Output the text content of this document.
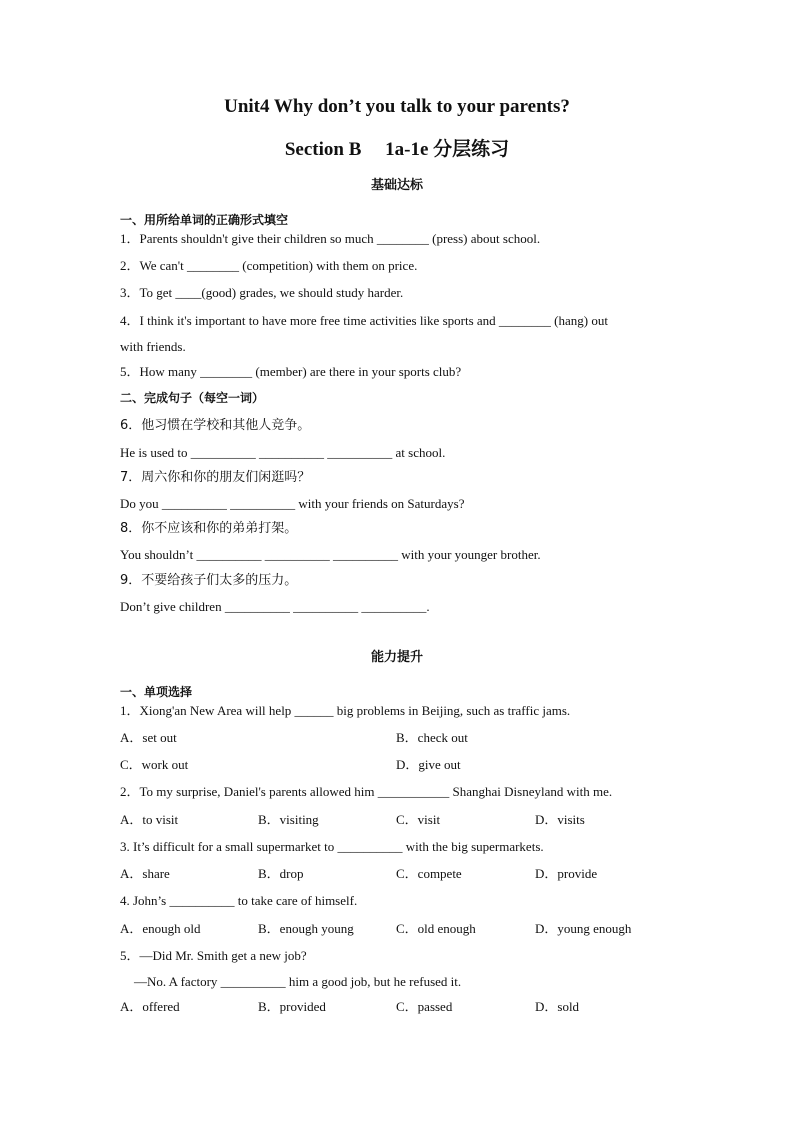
Unit4 Why don’t you talk to your parents?
Section B　 1a-1e 分层练习
基础达标
一、用所给单词的正确形式填空
1．Parents shouldn't give their children so much ________ (press) about school.
2．We can't ________ (competition) with them on price.
3．To get ____(good) grades, we should study harder.
4．I think it's important to have more free time activities like sports and ________ (hang) out
with friends.
5．How many ________ (member) are there in your sports club?
二、完成句子（每空一词）
6．他习惯在学校和其他人竞争。
He is used to __________ __________ __________ at school.
7．周六你和你的朋友们闲逛吗？
Do you __________ __________ with your friends on Saturdays?
8．你不应该和你的弟弟打架。
You shouldn’t __________ __________ __________ with your younger brother.
9．不要给孩子们太多的压力。
Don’t give children __________ __________ __________.
能力提升
一、单项选择
1．Xiong'an New Area will help ______ big problems in Beijing, such as traffic jams.
A．set out	B．check out
C．work out	D．give out
2．To my surprise, Daniel's parents allowed him ___________ Shanghai Disneyland with me.
A．to visit	B．visiting	C．visit	D．visits
3. It’s difficult for a small supermarket to __________ with the big supermarkets.
A．share	B．drop	C．compete	D．provide
4. John’s __________ to take care of himself.
A．enough old	B．enough young	C．old enough	D．young enough
5．—Did Mr. Smith get a new job?
—No. A factory __________ him a good job, but he refused it.
A．offered	B．provided	C．passed	D．sold
